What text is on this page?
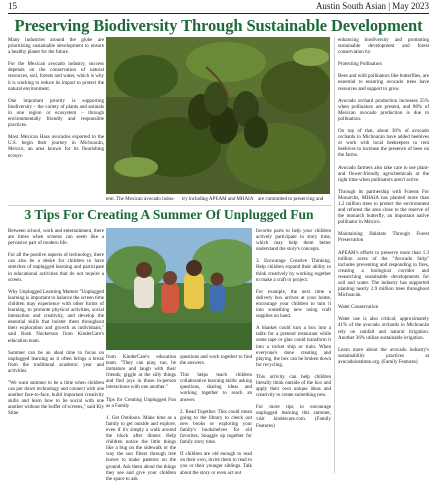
15	Austin South Asian | May 2023
Preserving Biodiversity Through Sustainable Development

Many industries around the globe are prioritizing sustainable development to ensure a healthy planet for the future.

For the Mexican avocado industry, success depends on the conservation of natural resources, soil, forests and water, which is why it is working to reduce its impact to protect the natural environment.

One important priority is supporting biodiversity – the variety of plants and animals in one region or ecosystem – through environmentally friendly and responsible practices.

Most Mexican Hass avocados exported to the U.S. begin their journey in Michoacán, Mexico, an area known for its flourishing ecosys-

tem. The Mexican avocado indus- try including APEAM and MHAIA are committed to preserving and

enhancing biodiversity and promoting sustainable development and forest conservation by:

Protecting Pollinators

Bees and wild pollinators like butterflies, are essential to ensuring avocado trees have resources and support to grow.

Avocado orchard production increases 25% when pollinators are present, and 80% of Mexican avocado production is due to pollination.

On top of that, about 30% of avocado orchards in Michoacán have added beehives or work with local beekeepers to rent beehives to increase the presence of bees on the farms.

Avocado farmers also take care to use plant- and flower-friendly agrochemicals at the right time when pollinators aren't active.

Through its partnership with Forests For Monarchs, MHAIA has planted more than 1.2 million trees to protect the environment and reforest the area close to the reserve of the monarch butterfly, an important native pollinator in Mexico.

Maintaining Habitats Through Forest Preservation

APEAM's efforts to preserve more than 1.3 million acres of the "Avocado Strip" includes preventing and responding to fires, creating a biological corridor and researching sustainable developments for soil and water. The industry has supported planting nearly 2.9 million trees throughout Michoacán.

Water Conservation

Water use is also critical; approximately 41% of the avocado orchards in Michoacán rely on rainfall and natural irrigation. Another 36% utilize sustainable irrigation.

Learn more about the avocado industry's sustainability practices at avocadoinstitute.org. (Family Features)

3 Tips For Creating A Summer Of Unplugged Fun

Between school, work and entertainment, there are times when screens can seem like a pervasive part of modern life.

For all the positive aspects of technology, there can also be a desire for children to have stretches of unplugged learning and participate in educational activities that do not require a screen.

Why Unplugged Learning Matters "Unplugged learning is important to balance the screen time children may experience with other forms of learning, to promote physical activities, social interaction and creativity, and develop the essential skills that bolster them throughout their exploration and growth as individuals," said Rush Nuckerson from KinderCare's education team.

Summer can be an ideal time to focus on unplugged learning as it often brings a break from the traditional academic year and activities.

"We want summer to be a time when children can put down technology and connect with one another face-to-face, build important creativity skills and learn how to be social with one another without the buffer of screens," said Kly Stine

from KinderCare's education team. "They can play, run, be immature and laugh with their friends; giggle at the silly things and find joys in those in-person interactions with one another."

Tips for Creating Unplugged Fun as a Family

1. Get Outdoors. Make time as a family to get outside and explore, even if it's simply a walk around the block after dinner. Help children notice the little things like a bug on the sidewalk or the way the sun filters through tree leaves to make patterns on the ground. Ask them about the things they see and give your children the space to ask

questions and work together to find the answers.

This helps teach children collaborative learning skills: asking questions, sharing ideas and working together to reach an answer.

2. Read Together. This could mean going to the library to check out new books or exploring your family's bookshelves for old favorites. Snuggle up together for family story time.

If children are old enough to read on their own, invite them to read to you or their younger siblings. Talk about the story or even act out

favorite parts to help your children actively participate in story time, which may help them better understand the story's concepts.

3. Encourage Creative Thinking. Help children expand their ability to think creatively by working together to make a craft or project.

For example, the next time a delivery box arrives at your home, encourage your children to turn it into something new using craft supplies on hand.

A blanket could turn a box into a table for a pretend restaurant while some tape or glue could transform it into a rocket ship or train. When everyone's done creating and playing, the box can be broken down for recycling.

This activity can help children literally think outside of the box and apply their own unique ideas and creativity to create something new.

For more tips to encourage unplugged learning this summer, visit kindercare.com. (Family Features)
